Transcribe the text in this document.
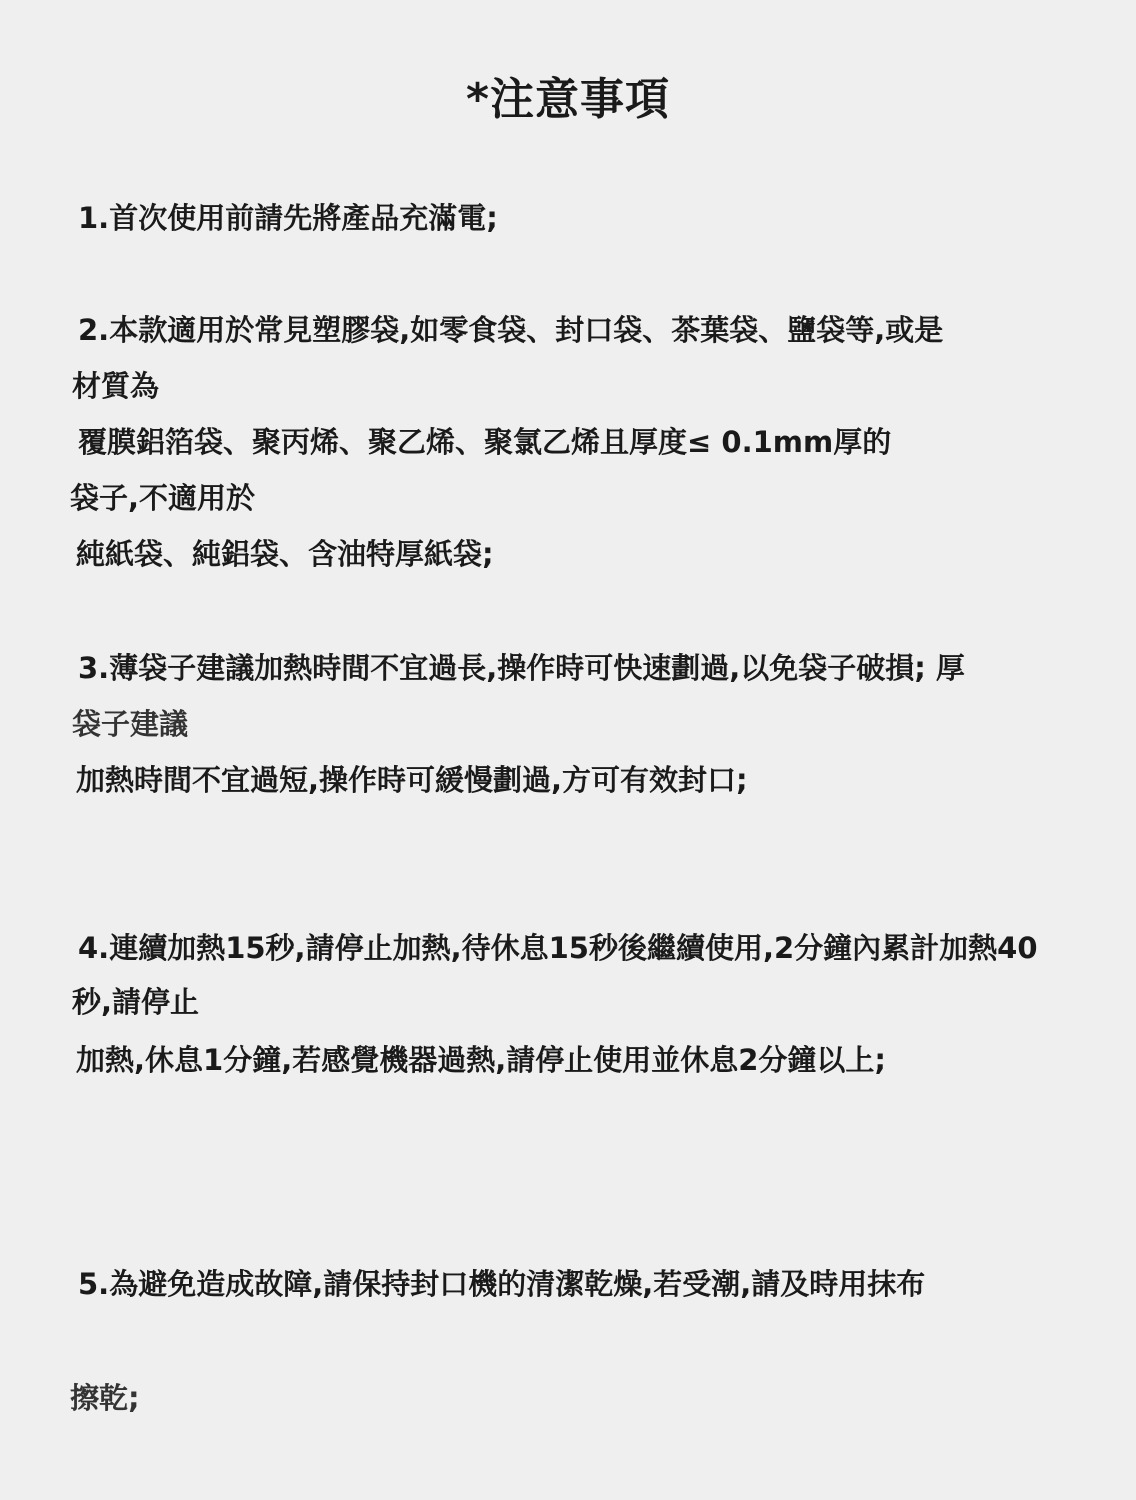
*注意事項
1.首次使用前請先將產品充滿電;
2.本款適用於常見塑膠袋,如零食袋、封口袋、茶葉袋、鹽袋等,或是
材質為
覆膜鋁箔袋、聚丙烯、聚乙烯、聚氯乙烯且厚度≤ 0.1mm厚的
袋子,不適用於
純紙袋、純鋁袋、含油特厚紙袋;
3.薄袋子建議加熱時間不宜過長,操作時可快速劃過,以免袋子破損; 厚
袋子建議
加熱時間不宜過短,操作時可緩慢劃過,方可有效封口;
4.連續加熱15秒,請停止加熱,待休息15秒後繼續使用,2分鐘內累計加熱40
秒,請停止
加熱,休息1分鐘,若感覺機器過熱,請停止使用並休息2分鐘以上;
5.為避免造成故障,請保持封口機的清潔乾燥,若受潮,請及時用抹布
擦乾;
